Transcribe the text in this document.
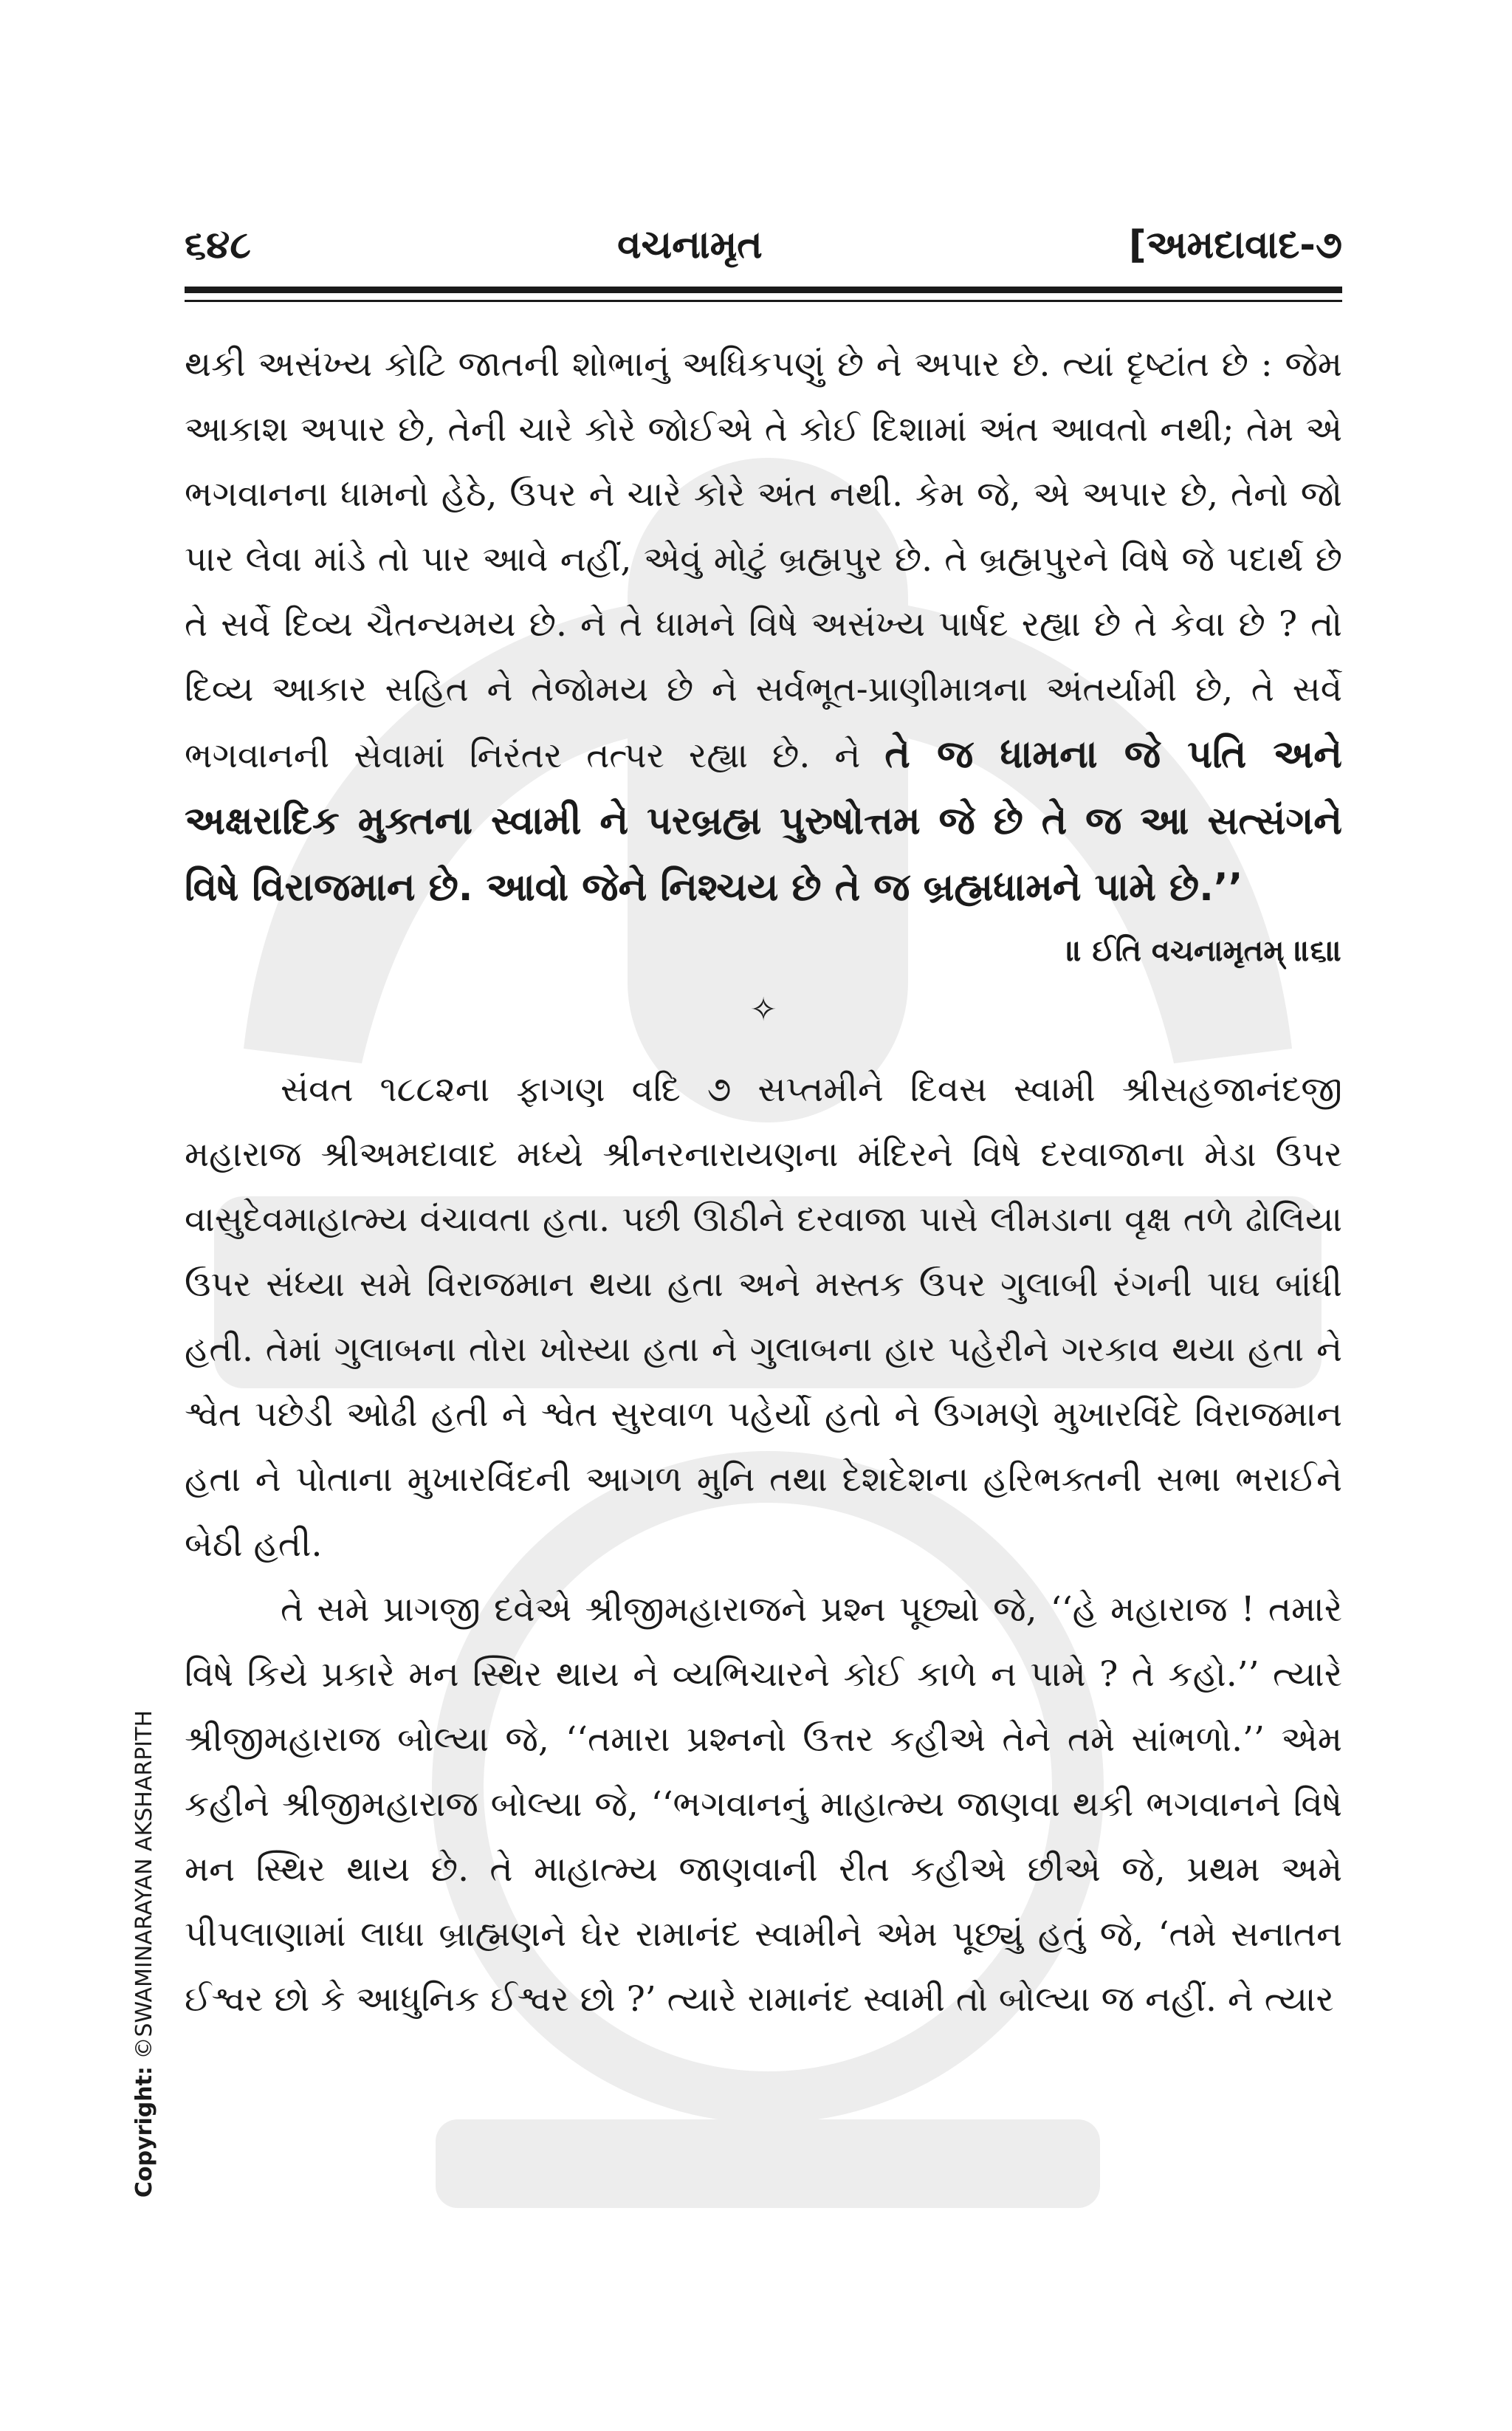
૬૪૮	વચનામૃત	[અમદાવાદ-૭

થકી અસંખ્ય કોટિ જાતની શોભાનું અધિકપણું છે ને અપાર છે. ત્યાં દૃષ્ટાંત છે : જેમ આકાશ અપાર છે, તેની ચારે કોરે જોઈએ તે કોઈ દિશામાં અંત આવતો નથી; તેમ એ ભગવાનના ધામનો હેઠે, ઉપર ને ચારે કોરે અંત નથી. કેમ જે, એ અપાર છે, તેનો જો પાર લેવા માંડે તો પાર આવે નહીં, એવું મોટું બ્રહ્મપુર છે. તે બ્રહ્મપુરને વિષે જે પદાર્થ છે તે સર્વે દિવ્ય ચૈતન્યમય છે. ને તે ધામને વિષે અસંખ્ય પાર્ષદ રહ્યા છે તે કેવા છે ? તો દિવ્ય આકાર સહિત ને તેજોમય છે ને સર્વભૂત-પ્રાણીમાત્રના અંતર્યામી છે, તે સર્વે ભગવાનની સેવામાં નિરંતર તત્પર રહ્યા છે. ને તે જ ધામના જે પતિ અને અક્ષરાદિક મુક્તના સ્વામી ને પરબ્રહ્મ પુરુષોત્તમ જે છે તે જ આ સત્સંગને વિષે વિરાજમાન છે. આવો જેને નિશ્ચય છે તે જ બ્રહ્મધામને પામે છે.’’

॥ ઈતિ વચનામૃતમ્ ॥૬॥
✧

સંવત ૧૮૮૨ના ફાગણ વદિ ૭ સપ્તમીને દિવસ સ્વામી શ્રીસહજાનંદજી મહારાજ શ્રીઅમદાવાદ મધ્યે શ્રીનરનારાયણના મંદિરને વિષે દરવાજાના મેડા ઉપર વાસુદેવમાહાત્મ્ય વંચાવતા હતા. પછી ઊઠીને દરવાજા પાસે લીમડાના વૃક્ષ તળે ઢોલિયા ઉપર સંધ્યા સમે વિરાજમાન થયા હતા અને મસ્તક ઉપર ગુલાબી રંગની પાઘ બાંધી હતી. તેમાં ગુલાબના તોરા ખોસ્યા હતા ને ગુલાબના હાર પહેરીને ગરકાવ થયા હતા ને શ્વેત પછેડી ઓઢી હતી ને શ્વેત સુરવાળ પહેર્યો હતો ને ઉગમણે મુખારવિંદે વિરાજમાન હતા ને પોતાના મુખારવિંદની આગળ મુનિ તથા દેશદેશના હરિભક્તની સભા ભરાઈને બેઠી હતી.

તે સમે પ્રાગજી દવેએ શ્રીજીમહારાજને પ્રશ્ન પૂછ્યો જે, ‘‘હે મહારાજ ! તમારે વિષે કિયે પ્રકારે મન સ્થિર થાય ને વ્યભિચારને કોઈ કાળે ન પામે ? તે કહો.’’ ત્યારે શ્રીજીમહારાજ બોલ્યા જે, ‘‘તમારા પ્રશ્નનો ઉત્તર કહીએ તેને તમે સાંભળો.’’ એમ કહીને શ્રીજીમહારાજ બોલ્યા જે, ‘‘ભગવાનનું માહાત્મ્ય જાણવા થકી ભગવાનને વિષે મન સ્થિર થાય છે. તે માહાત્મ્ય જાણવાની રીત કહીએ છીએ જે, પ્રથમ અમે પીપલાણામાં લાધા બ્રાહ્મણને ઘેર રામાનંદ સ્વામીને એમ પૂછ્યું હતું જે, ‘તમે સનાતન ઈશ્વર છો કે આધુનિક ઈશ્વર છો ?’ ત્યારે રામાનંદ સ્વામી તો બોલ્યા જ નહીં. ને ત્યાર

Copyright: ©SWAMINARAYAN AKSHARPITH
